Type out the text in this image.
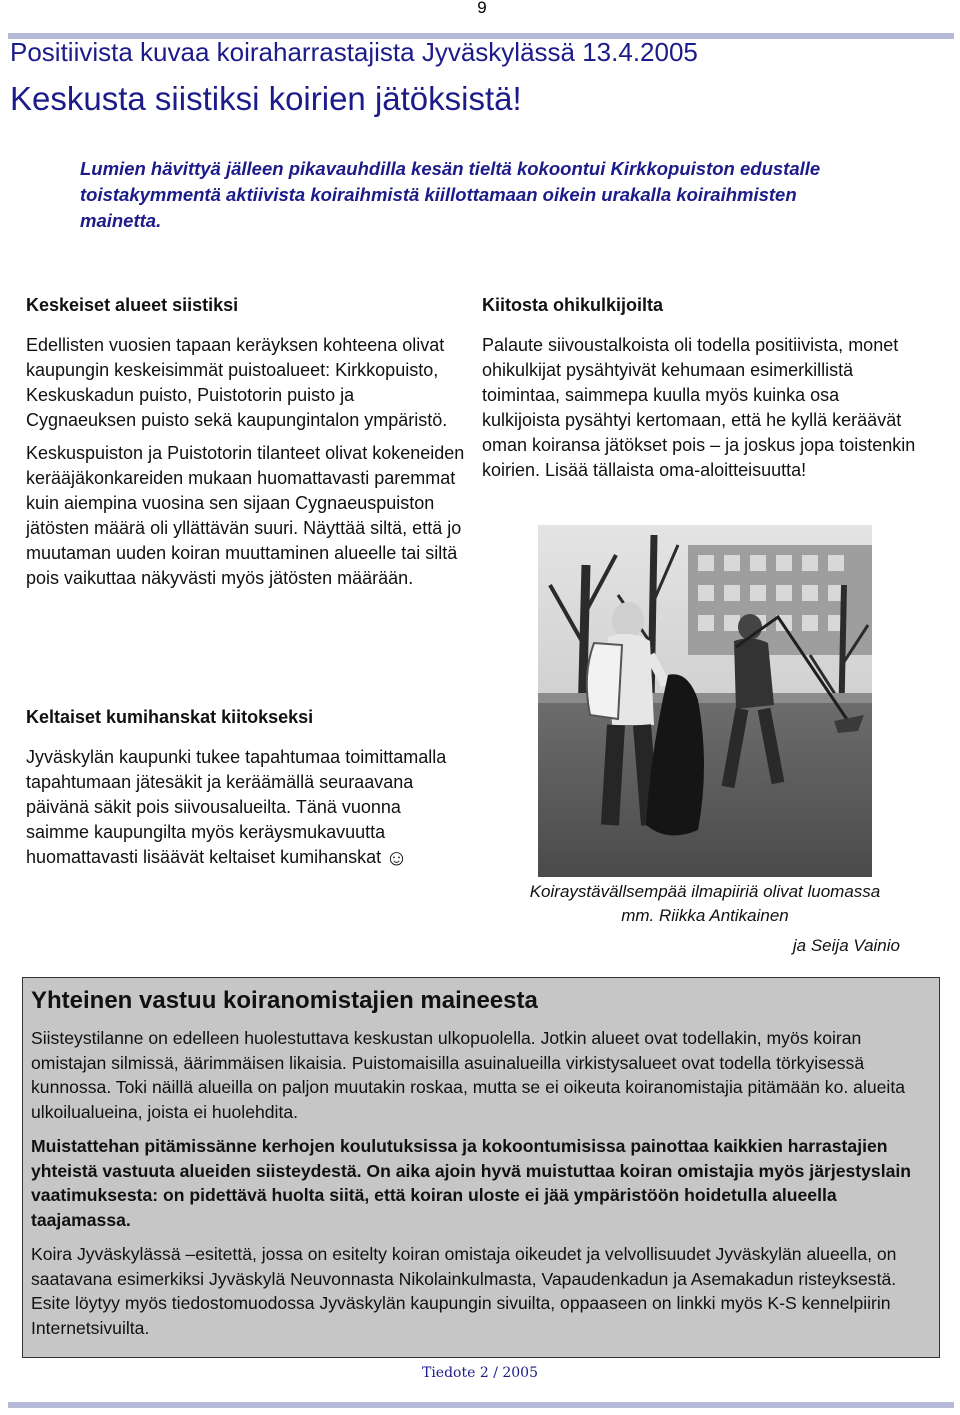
9
Positiivista kuvaa koiraharrastajista Jyväskylässä 13.4.2005
Keskusta siistiksi koirien jätöksistä!
Lumien hävittyä jälleen pikavauhdilla kesän tieltä kokoontui Kirkkopuiston edustalle toistakymmentä aktiivista koiraihmistä kiillottamaan oikein urakalla koiraihmisten mainetta.
Keskeiset alueet siistiksi

Edellisten vuosien tapaan keräyksen kohteena olivat kaupungin keskeisimmät puistoalueet: Kirkkopuisto, Keskuskadun puisto, Puistotorin puisto ja Cygnaeuksen puisto sekä kaupungintalon ympäristö.

Keskuspuiston ja Puistotorin tilanteet olivat kokeneiden kerääjäkonkareiden mukaan huomattavasti paremmat kuin aiempina vuosina sen sijaan Cygnaeuspuiston jätösten määrä oli yllättävän suuri. Näyttää siltä, että jo muutaman uuden koiran muuttaminen alueelle tai siltä pois vaikuttaa näkyvästi myös jätösten määrään.

Kiitosta ohikulkijoilta

Palaute siivoustalkoista oli todella positiivista, monet ohikulkijat pysähtyivät kehumaan esimerkillistä toimintaa, saimmepa kuulla myös kuinka osa kulkijoista pysähtyi kertomaan, että he kyllä keräävät oman koiransa jätökset pois – ja joskus jopa toistenkin koirien. Lisää tällaista oma-aloitteisuutta!

Keltaiset kumihanskat kiitokseksi

Jyväskylän kaupunki tukee tapahtumaa toimittamalla tapahtumaan jätesäkit ja keräämällä seuraavana päivänä säkit pois siivousalueilta. Tänä vuonna saimme kaupungilta myös keräysmukavuutta huomattavasti lisäävät keltaiset kumihanskat ☺

Koiraystävällsempää ilmapiiriä olivat luomassa mm. Riikka Antikainen
ja Seija Vainio
Yhteinen vastuu koiranomistajien maineesta

Siisteystilanne on edelleen huolestuttava keskustan ulkopuolella. Jotkin alueet ovat todellakin, myös koiran omistajan silmissä, äärimmäisen likaisia. Puistomaisilla asuinalueilla virkistysalueet ovat todella törkyisessä kunnossa. Toki näillä alueilla on paljon muutakin roskaa, mutta se ei oikeuta koiranomistajia pitämään ko. alueita ulkoilualueina, joista ei huolehdita.

Muistattehan pitämissänne kerhojen koulutuksissa ja kokoontumisissa painottaa kaikkien harrastajien yhteistä vastuuta alueiden siisteydestä. On aika ajoin hyvä muistuttaa koiran omistajia myös järjestyslain vaatimuksesta: on pidettävä huolta siitä, että koiran uloste ei jää ympäristöön hoidetulla alueella taajamassa.

Koira Jyväskylässä –esitettä, jossa on esitelty koiran omistaja oikeudet ja velvollisuudet Jyväskylän alueella, on saatavana esimerkiksi Jyväskylä Neuvonnasta Nikolainkulmasta, Vapaudenkadun ja Asemakadun risteyksestä. Esite löytyy myös tiedostomuodossa Jyväskylän kaupungin sivuilta, oppaaseen on linkki myös K-S kennelpiirin Internetsivuilta.

Tiedote 2 / 2005
